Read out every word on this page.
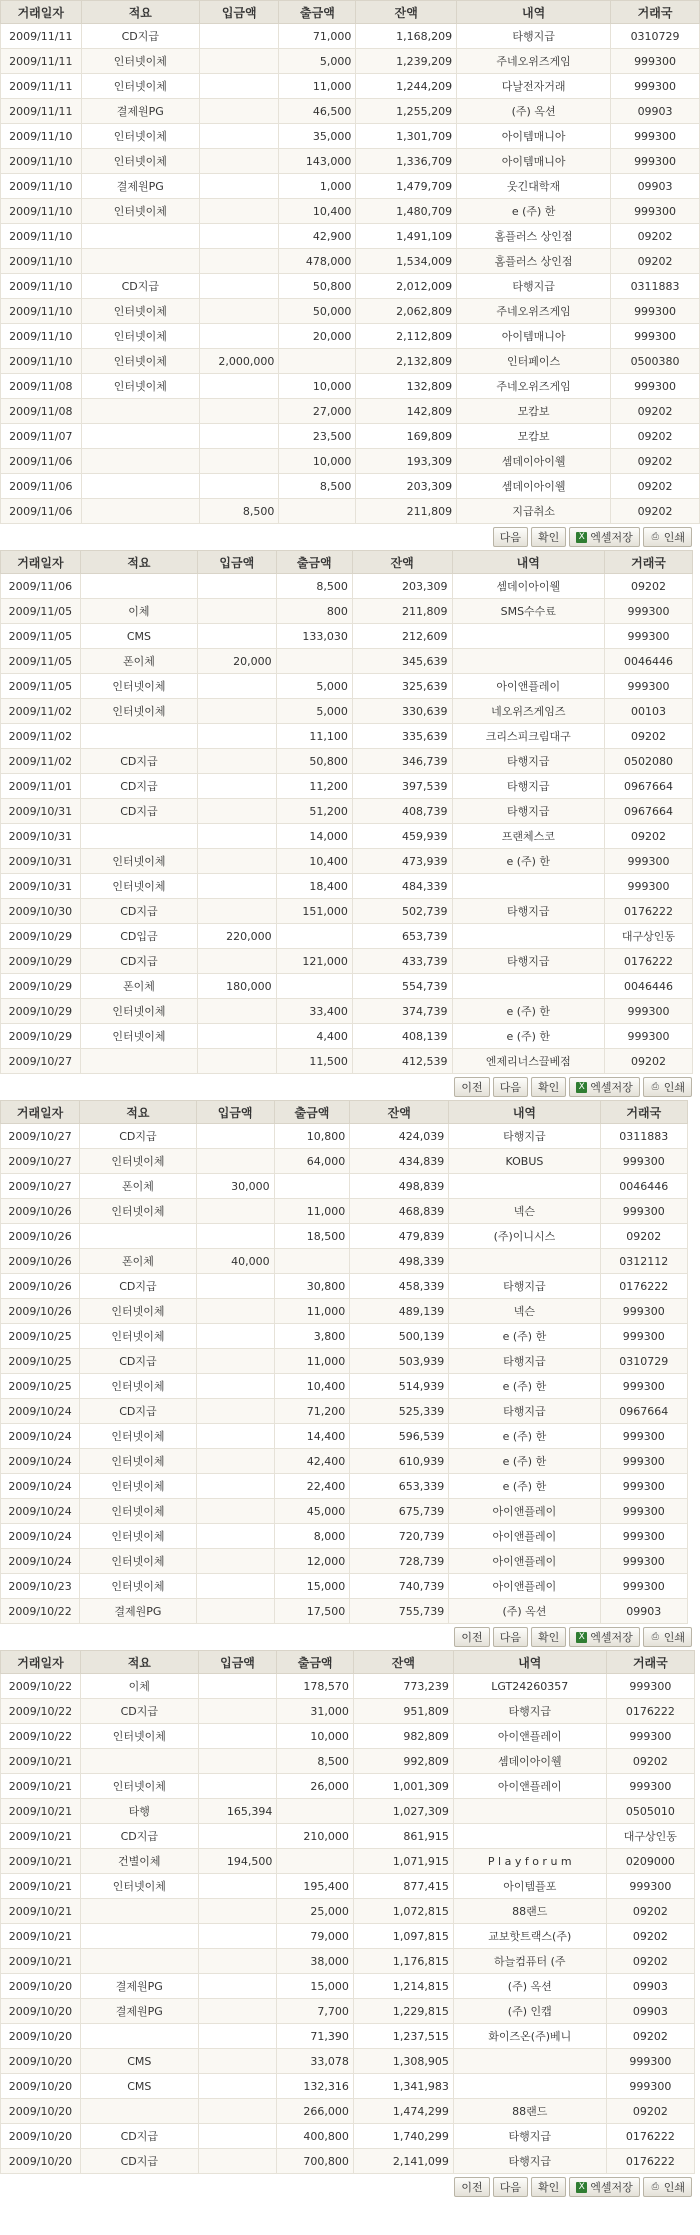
거래일자	적요	입금액	출금액	잔액	내역	거래국
2009/11/11	CD지급		71,000	1,168,209	타행지급	0310729
2009/11/11	인터넷이체		5,000	1,239,209	주네오위즈게임	999300
2009/11/11	인터넷이체		11,000	1,244,209	다날전자거래	999300
2009/11/11	결제원PG		46,500	1,255,209	(주) 옥션	09903
2009/11/10	인터넷이체		35,000	1,301,709	아이템매니아	999300
2009/11/10	인터넷이체		143,000	1,336,709	아이템매니아	999300
2009/11/10	결제원PG		1,000	1,479,709	웃긴대학재	09903
2009/11/10	인터넷이체		10,400	1,480,709	e (주) 한	999300
2009/11/10			42,900	1,491,109	홈플러스 상인점	09202
2009/11/10			478,000	1,534,009	홈플러스 상인점	09202
2009/11/10	CD지급		50,800	2,012,009	타행지급	0311883
2009/11/10	인터넷이체		50,000	2,062,809	주네오위즈게임	999300
2009/11/10	인터넷이체		20,000	2,112,809	아이템매니아	999300
2009/11/10	인터넷이체	2,000,000		2,132,809	인터페이스	0500380
2009/11/08	인터넷이체		10,000	132,809	주네오위즈게임	999300
2009/11/08			27,000	142,809	모캄보	09202
2009/11/07			23,500	169,809	모캄보	09202
2009/11/06			10,000	193,309	셈데이아이웰	09202
2009/11/06			8,500	203,309	셈데이아이웰	09202
2009/11/06		8,500		211,809	지급취소	09202
다음 확인 X 엑셀저장 ⎙ 인쇄
거래일자	적요	입금액	출금액	잔액	내역	거래국
2009/11/06			8,500	203,309	셈데이아이웰	09202
2009/11/05	이체		800	211,809	SMS수수료	999300
2009/11/05	CMS		133,030	212,609		999300
2009/11/05	폰이체	20,000		345,639		0046446
2009/11/05	인터넷이체		5,000	325,639	아이앤플레이	999300
2009/11/02	인터넷이체		5,000	330,639	네오위즈게임즈	00103
2009/11/02			11,100	335,639	크리스피크림대구	09202
2009/11/02	CD지급		50,800	346,739	타행지급	0502080
2009/11/01	CD지급		11,200	397,539	타행지급	0967664
2009/10/31	CD지급		51,200	408,739	타행지급	0967664
2009/10/31			14,000	459,939	프랜체스코	09202
2009/10/31	인터넷이체		10,400	473,939	e (주) 한	999300
2009/10/31	인터넷이체		18,400	484,339		999300
2009/10/30	CD지급		151,000	502,739	타행지급	0176222
2009/10/29	CD입금	220,000		653,739		대구상인동
2009/10/29	CD지급		121,000	433,739	타행지급	0176222
2009/10/29	폰이체	180,000		554,739		0046446
2009/10/29	인터넷이체		33,400	374,739	e (주) 한	999300
2009/10/29	인터넷이체		4,400	408,139	e (주) 한	999300
2009/10/27			11,500	412,539	엔제리너스끌베점	09202
이전 다음 확인 X 엑셀저장 ⎙ 인쇄
거래일자	적요	입금액	출금액	잔액	내역	거래국
2009/10/27	CD지급		10,800	424,039	타행지급	0311883
2009/10/27	인터넷이체		64,000	434,839	KOBUS	999300
2009/10/27	폰이체	30,000		498,839		0046446
2009/10/26	인터넷이체		11,000	468,839	넥슨	999300
2009/10/26			18,500	479,839	(주)이니시스	09202
2009/10/26	폰이체	40,000		498,339		0312112
2009/10/26	CD지급		30,800	458,339	타행지급	0176222
2009/10/26	인터넷이체		11,000	489,139	넥슨	999300
2009/10/25	인터넷이체		3,800	500,139	e (주) 한	999300
2009/10/25	CD지급		11,000	503,939	타행지급	0310729
2009/10/25	인터넷이체		10,400	514,939	e (주) 한	999300
2009/10/24	CD지급		71,200	525,339	타행지급	0967664
2009/10/24	인터넷이체		14,400	596,539	e (주) 한	999300
2009/10/24	인터넷이체		42,400	610,939	e (주) 한	999300
2009/10/24	인터넷이체		22,400	653,339	e (주) 한	999300
2009/10/24	인터넷이체		45,000	675,739	아이앤플레이	999300
2009/10/24	인터넷이체		8,000	720,739	아이앤플레이	999300
2009/10/24	인터넷이체		12,000	728,739	아이앤플레이	999300
2009/10/23	인터넷이체		15,000	740,739	아이앤플레이	999300
2009/10/22	결제원PG		17,500	755,739	(주) 옥션	09903
이전 다음 확인 X 엑셀저장 ⎙ 인쇄
거래일자	적요	입금액	출금액	잔액	내역	거래국
2009/10/22	이체		178,570	773,239	LGT24260357	999300
2009/10/22	CD지급		31,000	951,809	타행지급	0176222
2009/10/22	인터넷이체		10,000	982,809	아이앤플레이	999300
2009/10/21			8,500	992,809	셈데이아이웰	09202
2009/10/21	인터넷이체		26,000	1,001,309	아이앤플레이	999300
2009/10/21	타행	165,394		1,027,309		0505010
2009/10/21	CD지급		210,000	861,915		대구상인동
2009/10/21	건별이체	194,500		1,071,915	P l a y f o r u m	0209000
2009/10/21	인터넷이체		195,400	877,415	아이템플포	999300
2009/10/21			25,000	1,072,815	88랜드	09202
2009/10/21			79,000	1,097,815	교보핫트랙스(주)	09202
2009/10/21			38,000	1,176,815	하늘컴퓨터 (주	09202
2009/10/20	결제원PG		15,000	1,214,815	(주) 옥션	09903
2009/10/20	결제원PG		7,700	1,229,815	(주) 인캡	09903
2009/10/20			71,390	1,237,515	화이즈온(주)베니	09202
2009/10/20	CMS		33,078	1,308,905		999300
2009/10/20	CMS		132,316	1,341,983		999300
2009/10/20			266,000	1,474,299	88랜드	09202
2009/10/20	CD지급		400,800	1,740,299	타행지급	0176222
2009/10/20	CD지급		700,800	2,141,099	타행지급	0176222
이전 다음 확인 X 엑셀저장 ⎙ 인쇄
